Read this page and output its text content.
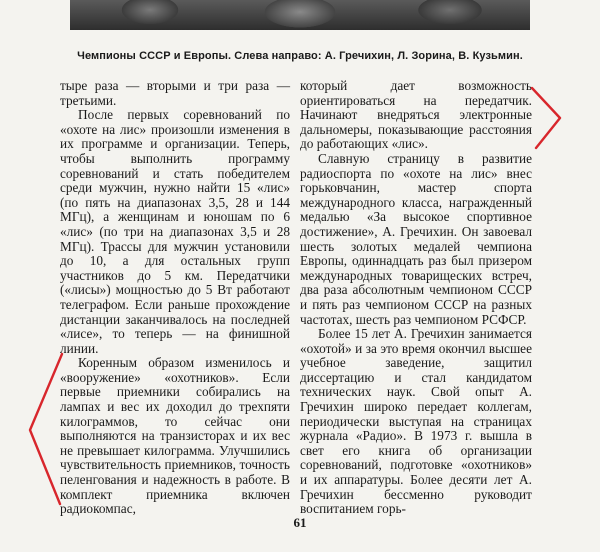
Чемпионы СССР и Европы. Слева направо: А. Гречихин, Л. Зорина, В. Кузьмин.

тыре раза — вторыми и три раза — третьими.

После первых соревнований по «охоте на лис» произошли изменения в их программе и организации. Теперь, чтобы выполнить программу соревнований и стать победителем среди мужчин, нужно найти 15 «лис» (по пять на диапазонах 3,5, 28 и 144 МГц), а женщинам и юношам по 6 «лис» (по три на диапазонах 3,5 и 28 МГц). Трассы для мужчин установили до 10, а для остальных групп участников до 5 км. Передатчики («лисы») мощностью до 5 Вт работают телеграфом. Если раньше прохождение дистанции заканчивалось на последней «лисе», то теперь — на финишной линии.

Коренным образом изменилось и «вооружение» «охотников». Если первые приемники собирались на лампах и вес их доходил до трехпяти килограммов, то сейчас они выполняются на транзисторах и их вес не превышает килограмма. Улучшились чувствительность приемников, точность пеленгования и надежность в работе. В комплект приемника включен радиокомпас,

который дает возможность ориентироваться на передатчик. Начинают внедряться электронные дальномеры, показывающие расстояния до работающих «лис».

Славную страницу в развитие радиоспорта по «охоте на лис» внес горьковчанин, мастер спорта международного класса, награжденный медалью «За высокое спортивное достижение», А. Гречихин. Он завоевал шесть золотых медалей чемпиона Европы, одиннадцать раз был призером международных товарищеских встреч, два раза абсолютным чемпионом СССР и пять раз чемпионом СССР на разных частотах, шесть раз чемпионом РСФСР.

Более 15 лет А. Гречихин занимается «охотой» и за это время окончил высшее учебное заведение, защитил диссертацию и стал кандидатом технических наук. Свой опыт А. Гречихин широко передает коллегам, периодически выступая на страницах журнала «Радио». В 1973 г. вышла в свет его книга об организации соревнований, подготовке «охотников» и их аппаратуры. Более десяти лет А. Гречихин бессменно руководит воспитанием горь-

61
